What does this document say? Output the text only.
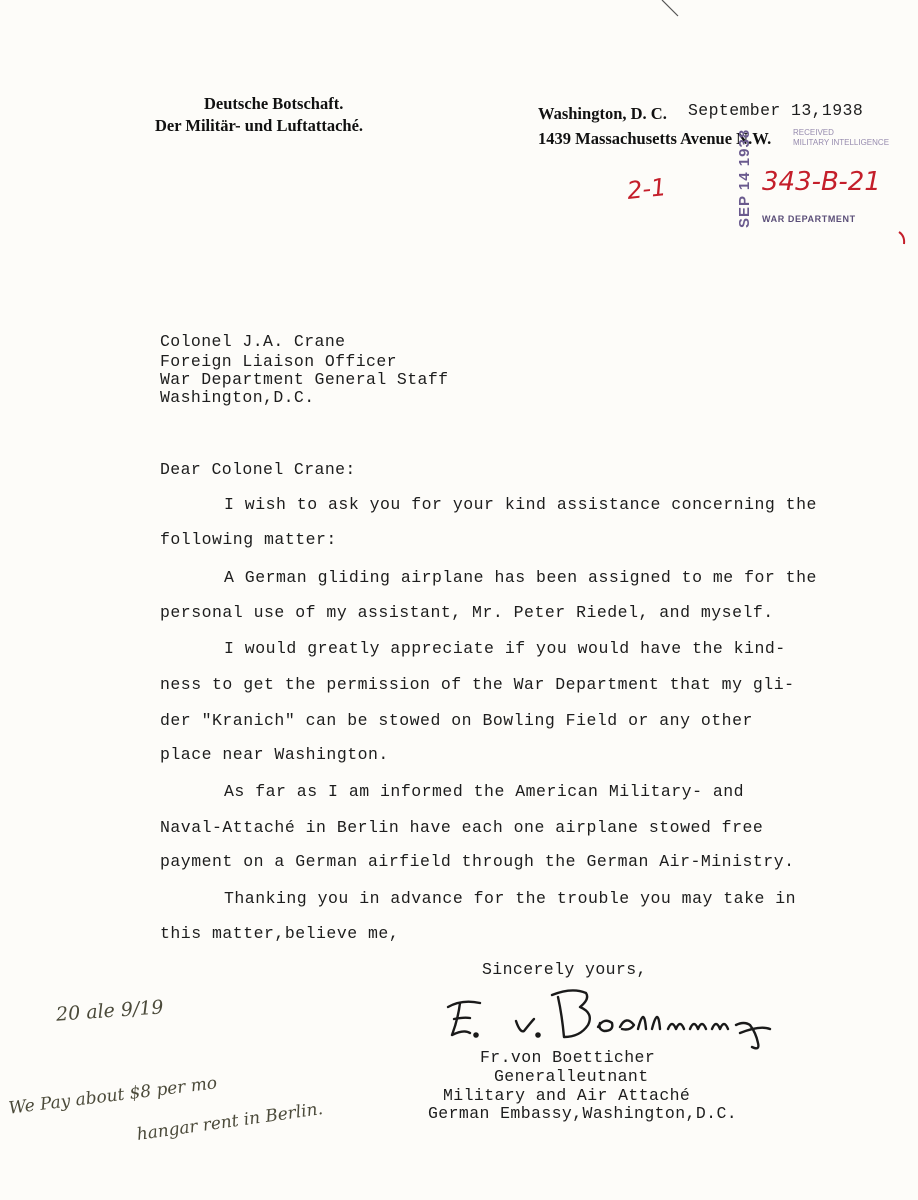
Deutsche Botschaft.
Der Militär- und Luftattaché.
Washington, D. C. September 13,1938
1439 Massachusetts Avenue N.W.	RECEIVED
MILITARY INTELLIGENCE
SEP 14 1938 WAR DEPARTMENT
2-1	343-B-21
Colonel J.A. Crane
Foreign Liaison Officer
War Department General Staff
Washington,D.C.
Dear Colonel Crane:
I wish to ask you for your kind assistance concerning the
following matter:
A German gliding airplane has been assigned to me for the
personal use of my assistant, Mr. Peter Riedel, and myself.
I would greatly appreciate if you would have the kind-
ness to get the permission of the War Department that my gli-
der "Kranich" can be stowed on Bowling Field or any other
place near Washington.
As far as I am informed the American Military- and
Naval-Attaché in Berlin have each one airplane stowed free
payment on a German airfield through the German Air-Ministry.
Thanking you in advance for the trouble you may take in
this matter,believe me,
Sincerely yours,
Fr.von Boetticher
Generalleutnant
Military and Air Attaché
German Embassy,Washington,D.C.
20 ale 9/19
We Pay about $8 per mo
hangar rent in Berlin.
